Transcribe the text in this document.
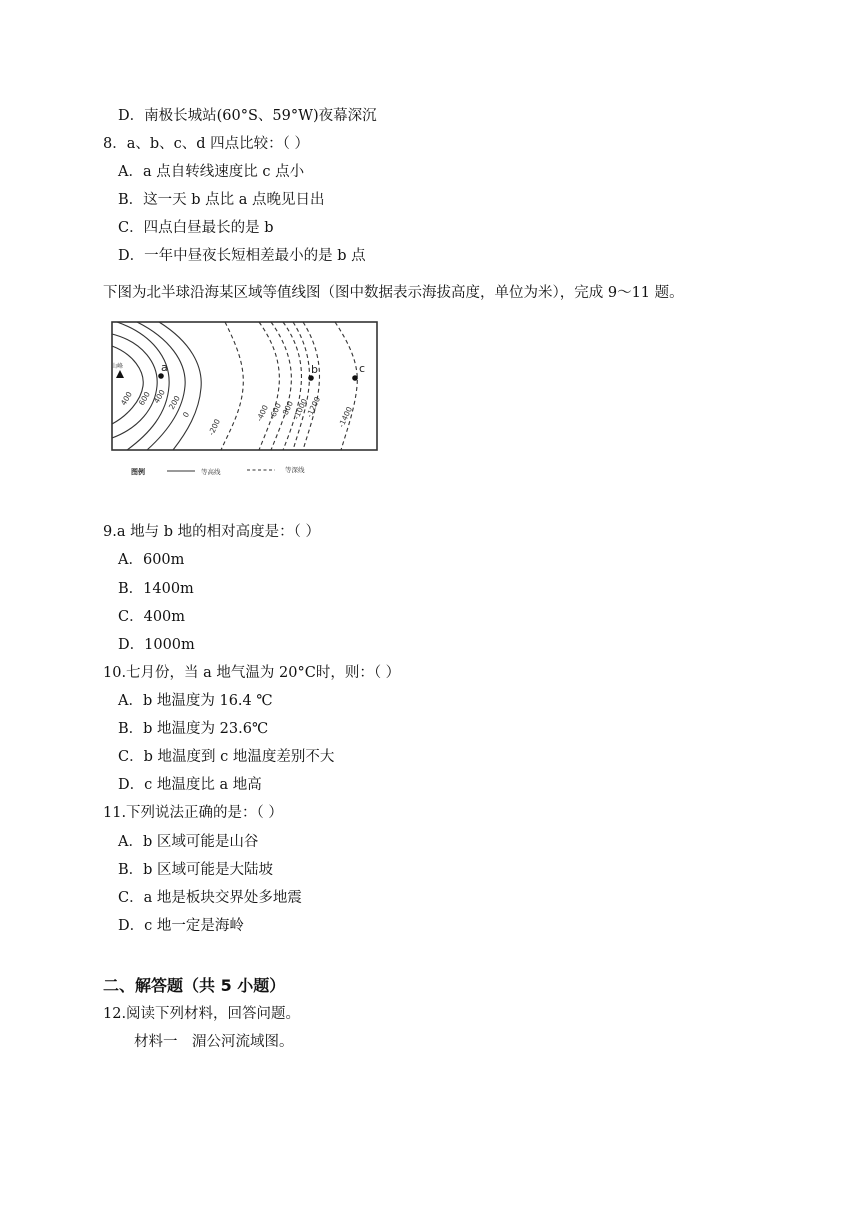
D．南极长城站(60°S、59°W)夜幕深沉
8．a、b、c、d 四点比较：（ ）
A．a 点自转线速度比 c 点小
B．这一天 b 点比 a 点晚见日出
C．四点白昼最长的是 b
D．一年中昼夜长短相差最小的是 b 点
下图为北半球沿海某区域等值线图（图中数据表示海拔高度，单位为米），完成 9～11 题。
山峰	a	b	c
400 600 400 200
0
-200
-400
-600
-800
-1000
-1200 -1400
图例	等高线	等深线
9.a 地与 b 地的相对高度是：（ ）
A．600m
B．1400m
C．400m
D．1000m
10.七月份，当 a 地气温为 20°C时，则：（ ）
A．b 地温度为 16.4 ℃
B．b 地温度为 23.6℃
C．b 地温度到 c 地温度差别不大
D．c 地温度比 a 地高
11.下列说法正确的是：（ ）
A．b 区域可能是山谷
B．b 区域可能是大陆坡
C．a 地是板块交界处多地震
D．c 地一定是海岭
二、解答题（共 5 小题）
12.阅读下列材料，回答问题。
材料一　湄公河流域图。
